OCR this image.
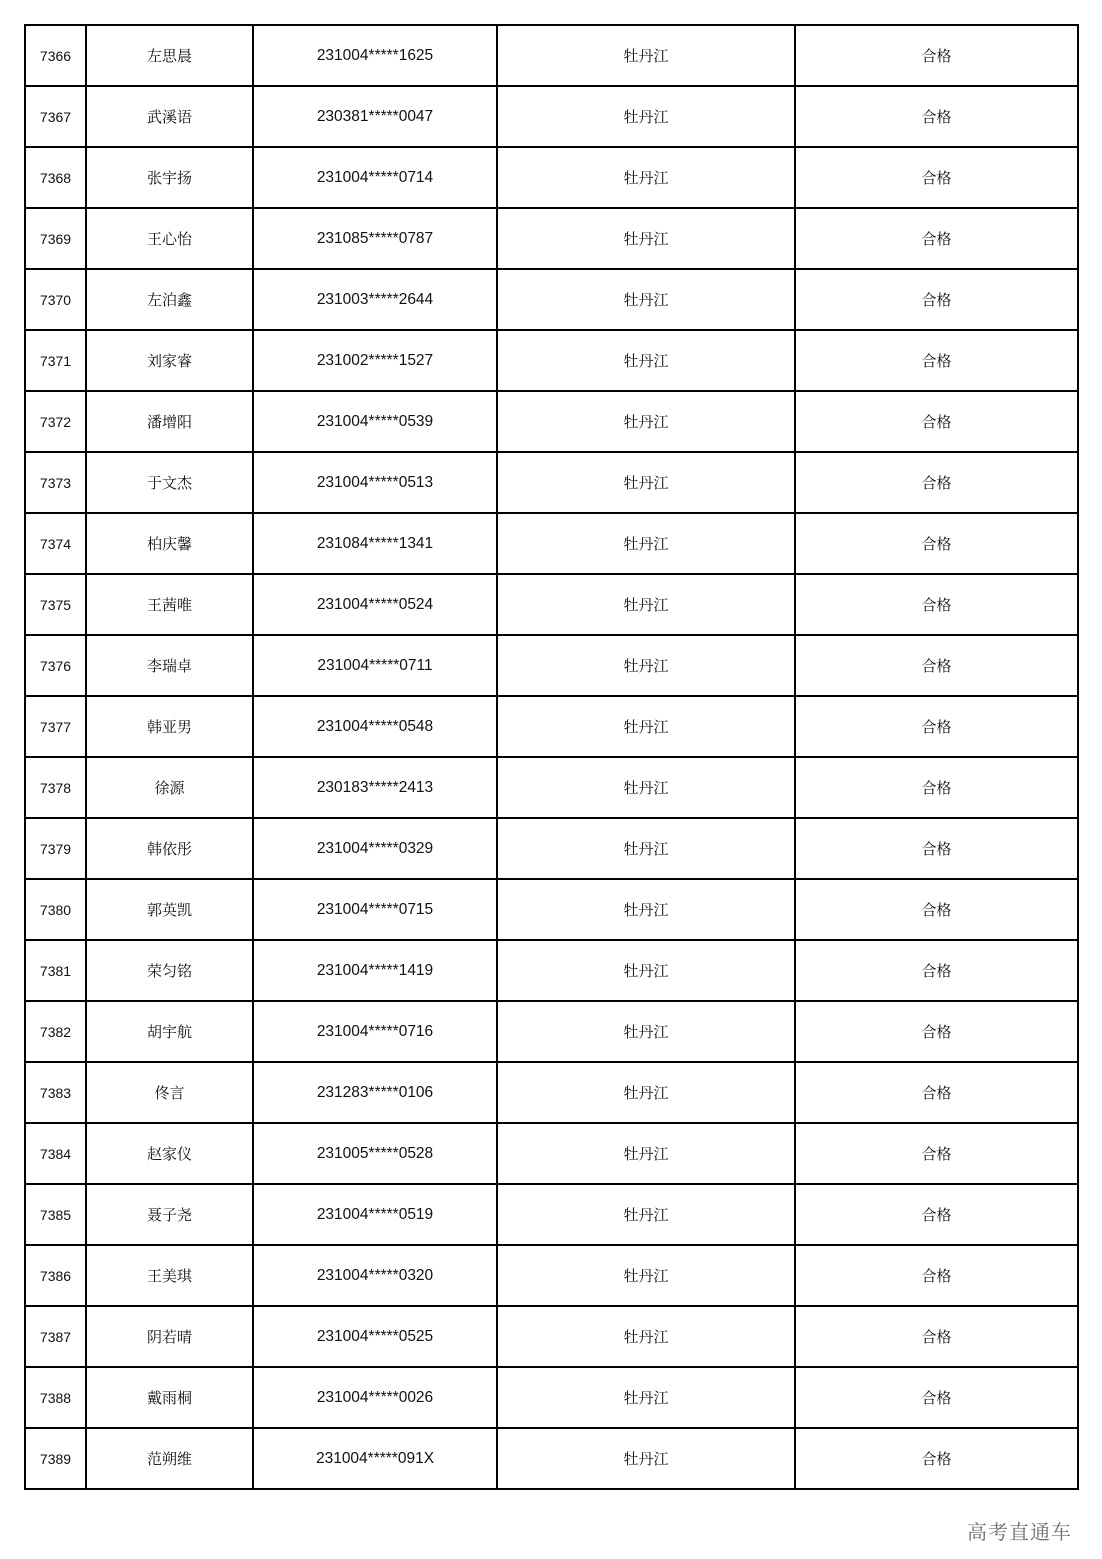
7366	左思晨	231004*****1625	牡丹江	合格
7367	武溪语	230381*****0047	牡丹江	合格
7368	张宇扬	231004*****0714	牡丹江	合格
7369	王心怡	231085*****0787	牡丹江	合格
7370	左泊鑫	231003*****2644	牡丹江	合格
7371	刘家睿	231002*****1527	牡丹江	合格
7372	潘增阳	231004*****0539	牡丹江	合格
7373	于文杰	231004*****0513	牡丹江	合格
7374	柏庆馨	231084*****1341	牡丹江	合格
7375	王茜唯	231004*****0524	牡丹江	合格
7376	李瑞卓	231004*****0711	牡丹江	合格
7377	韩亚男	231004*****0548	牡丹江	合格
7378	徐源	230183*****2413	牡丹江	合格
7379	韩依彤	231004*****0329	牡丹江	合格
7380	郭英凯	231004*****0715	牡丹江	合格
7381	荣匀铭	231004*****1419	牡丹江	合格
7382	胡宇航	231004*****0716	牡丹江	合格
7383	佟言	231283*****0106	牡丹江	合格
7384	赵家仪	231005*****0528	牡丹江	合格
7385	聂子尧	231004*****0519	牡丹江	合格
7386	王美琪	231004*****0320	牡丹江	合格
7387	阴若晴	231004*****0525	牡丹江	合格
7388	戴雨桐	231004*****0026	牡丹江	合格
7389	范朔维	231004*****091X	牡丹江	合格
高考直通车
